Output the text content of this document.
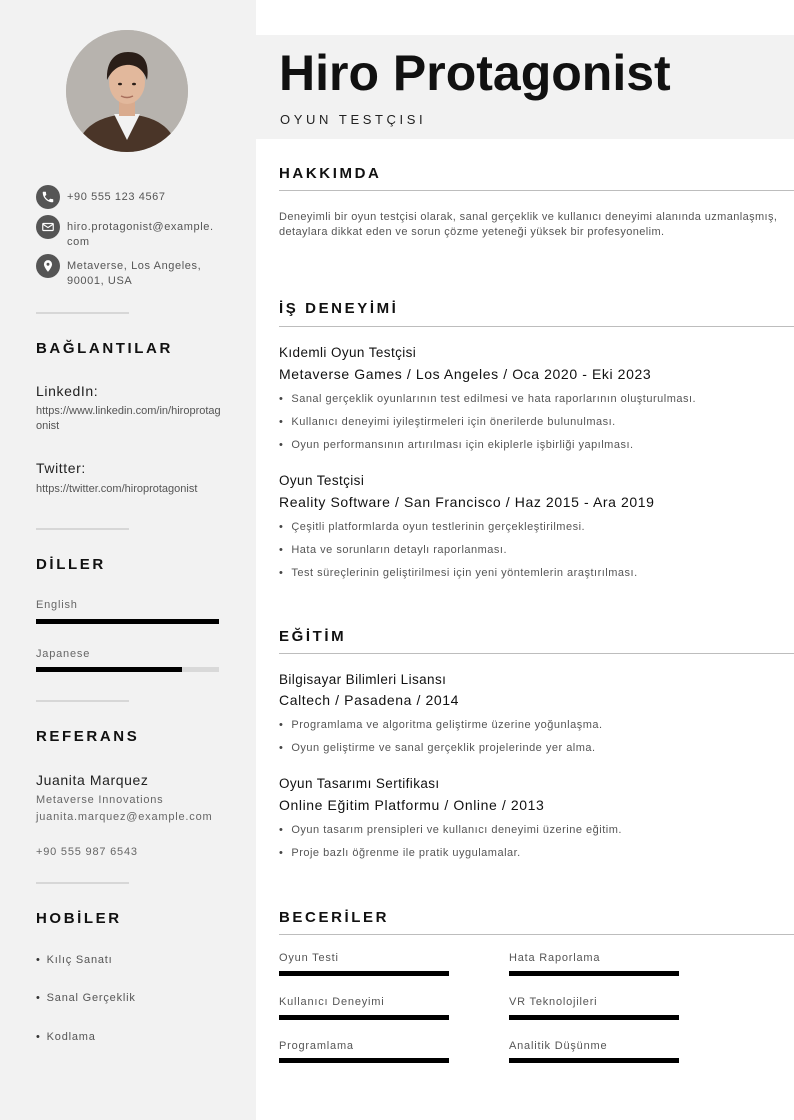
+90 555 123 4567
hiro.protagonist@example.com
Metaverse, Los Angeles, 90001, USA
BAĞLANTILAR
LinkedIn:
https://www.linkedin.com/in/hiroprotagonist
Twitter:
https://twitter.com/hiroprotagonist
DİLLER
English
Japanese
REFERANS
Juanita Marquez
Metaverse Innovations
juanita.marquez@example.com
+90 555 987 6543
HOBİLER
• Kılıç Sanatı
• Sanal Gerçeklik
• Kodlama
Hiro Protagonist
OYUN TESTÇISI
HAKKIMDA
Deneyimli bir oyun testçisi olarak, sanal gerçeklik ve kullanıcı deneyimi alanında uzmanlaşmış, detaylara dikkat eden ve sorun çözme yeteneği yüksek bir profesyonelim.
İŞ DENEYİMİ
Kıdemli Oyun Testçisi
Metaverse Games / Los Angeles / Oca 2020 - Eki 2023
• Sanal gerçeklik oyunlarının test edilmesi ve hata raporlarının oluşturulması.
• Kullanıcı deneyimi iyileştirmeleri için önerilerde bulunulması.
• Oyun performansının artırılması için ekiplerle işbirliği yapılması.
Oyun Testçisi
Reality Software / San Francisco / Haz 2015 - Ara 2019
• Çeşitli platformlarda oyun testlerinin gerçekleştirilmesi.
• Hata ve sorunların detaylı raporlanması.
• Test süreçlerinin geliştirilmesi için yeni yöntemlerin araştırılması.
EĞİTİM
Bilgisayar Bilimleri Lisansı
Caltech / Pasadena / 2014
• Programlama ve algoritma geliştirme üzerine yoğunlaşma.
• Oyun geliştirme ve sanal gerçeklik projelerinde yer alma.
Oyun Tasarımı Sertifikası
Online Eğitim Platformu / Online / 2013
• Oyun tasarım prensipleri ve kullanıcı deneyimi üzerine eğitim.
• Proje bazlı öğrenme ile pratik uygulamalar.
BECERİLER
Oyun Testi	Hata Raporlama
Kullanıcı Deneyimi	VR Teknolojileri
Programlama	Analitik Düşünme
